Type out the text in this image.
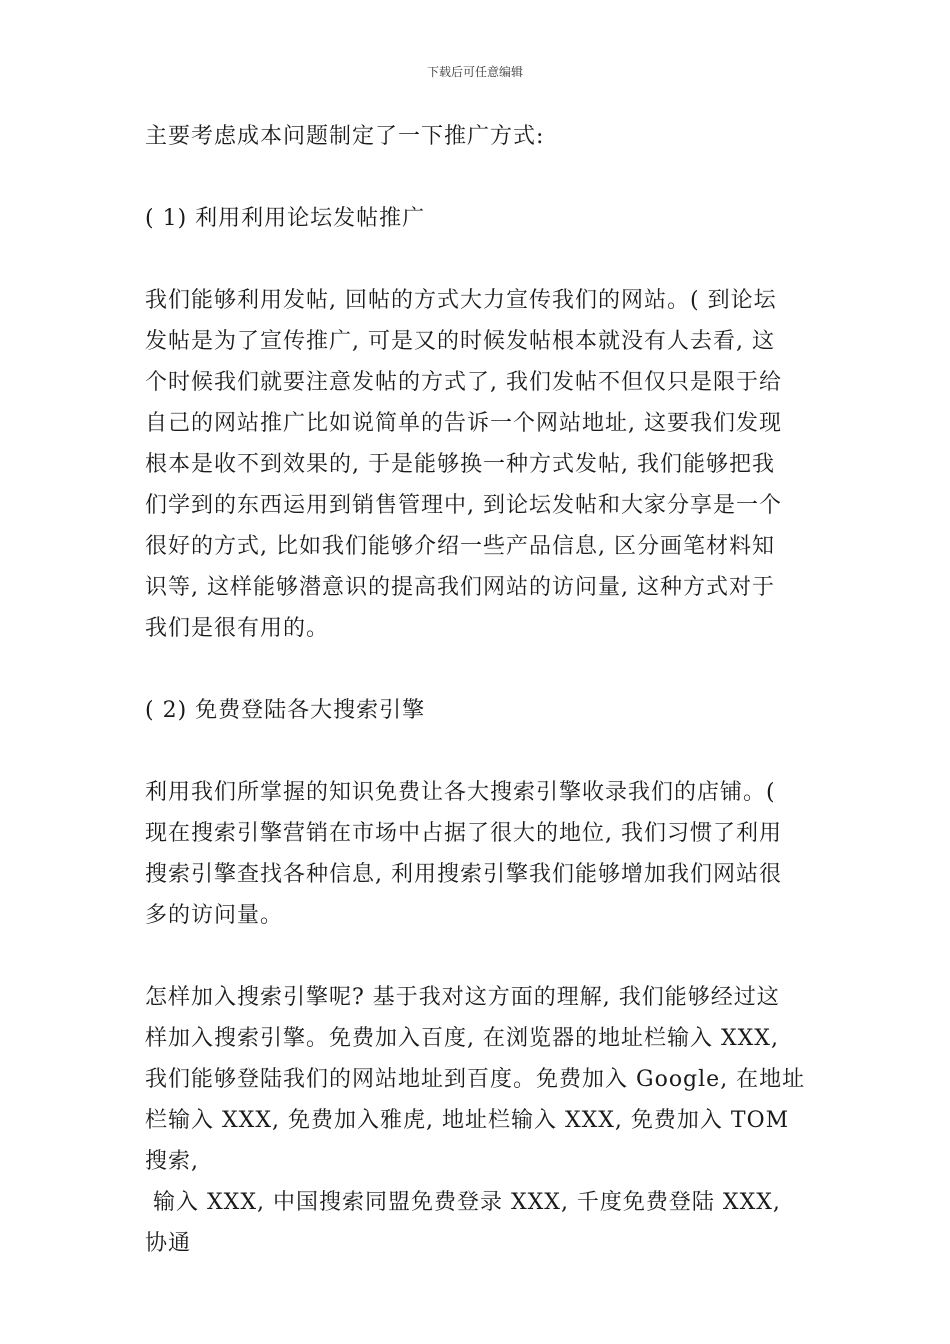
下载后可任意编辑

主要考虑成本问题制定了一下推广方式:

( 1) 利用利用论坛发帖推广

我们能够利用发帖, 回帖的方式大力宣传我们的网站。( 到论坛

发帖是为了宣传推广, 可是又的时候发帖根本就没有人去看, 这

个时候我们就要注意发帖的方式了, 我们发帖不但仅只是限于给

自己的网站推广比如说简单的告诉一个网站地址, 这要我们发现

根本是收不到效果的, 于是能够换一种方式发帖, 我们能够把我

们学到的东西运用到销售管理中, 到论坛发帖和大家分享是一个

很好的方式, 比如我们能够介绍一些产品信息, 区分画笔材料知

识等, 这样能够潜意识的提高我们网站的访问量, 这种方式对于

我们是很有用的。

( 2) 免费登陆各大搜索引擎

利用我们所掌握的知识免费让各大搜索引擎收录我们的店铺。(

现在搜索引擎营销在市场中占据了很大的地位, 我们习惯了利用

搜索引擎查找各种信息, 利用搜索引擎我们能够增加我们网站很

多的访问量。

怎样加入搜索引擎呢? 基于我对这方面的理解, 我们能够经过这

样加入搜索引擎。免费加入百度, 在浏览器的地址栏输入 XXX,

我们能够登陆我们的网站地址到百度。免费加入 Google, 在地址

栏输入 XXX, 免费加入雅虎, 地址栏输入 XXX, 免费加入 TOM 搜索,

输入 XXX, 中国搜索同盟免费登录 XXX, 千度免费登陆 XXX, 协通
